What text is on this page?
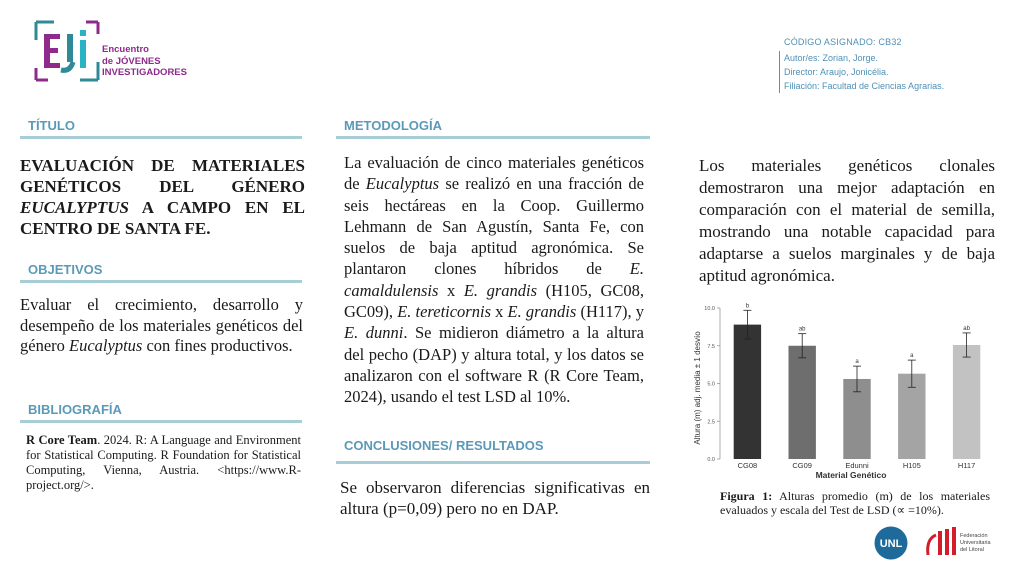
Encuentro
de JÓVENES
INVESTIGADORES
CÓDIGO ASIGNADO: CB32
Autor/es: Zorian, Jorge.
Director: Araujo, Jonicélia.
Filiación: Facultad de Ciencias Agrarias.
TÍTULO
EVALUACIÓN DE MATERIALES
GENÉTICOS DEL GÉNERO
EUCALYPTUS A CAMPO EN EL
CENTRO DE SANTA FE.
OBJETIVOS
Evaluar el crecimiento, desarrollo y desempeño de los materiales genéticos del género Eucalyptus con fines productivos.
BIBLIOGRAFÍA
R Core Team. 2024. R: A Language and Environment for Statistical Computing. R Foundation for Statistical Computing, Vienna, Austria. <https://www.R-project.org/>.
METODOLOGÍA
La evaluación de cinco materiales genéticos de Eucalyptus se realizó en una fracción de seis hectáreas en la Coop. Guillermo Lehmann de San Agustín, Santa Fe, con suelos de baja aptitud agronómica. Se plantaron clones híbridos de E. camaldulensis x E. grandis (H105, GC08, GC09), E. tereticornis x E. grandis (H117), y E. dunni. Se midieron diámetro a la altura del pecho (DAP) y altura total, y los datos se analizaron con el software R (R Core Team, 2024), usando el test LSD al 10%.
CONCLUSIONES/ RESULTADOS
Se observaron diferencias significativas en altura (p=0,09) pero no en DAP.
Los materiales genéticos clonales demostraron una mejor adaptación en comparación con el material de semilla, mostrando una notable capacidad para adaptarse a suelos marginales y de baja aptitud agronómica.
Altura (m) adj. media ± 1 desvío
Material Genético
0.0
2.5
5.0
7.5
10.0	b
CG08
ab
CG09
a
Edunni
a
H105
ab
H117
Figura 1: Alturas promedio (m) de los materiales evaluados y escala del Test de LSD (∝ =10%).
UNL
Federación
Universitaria
del Litoral
